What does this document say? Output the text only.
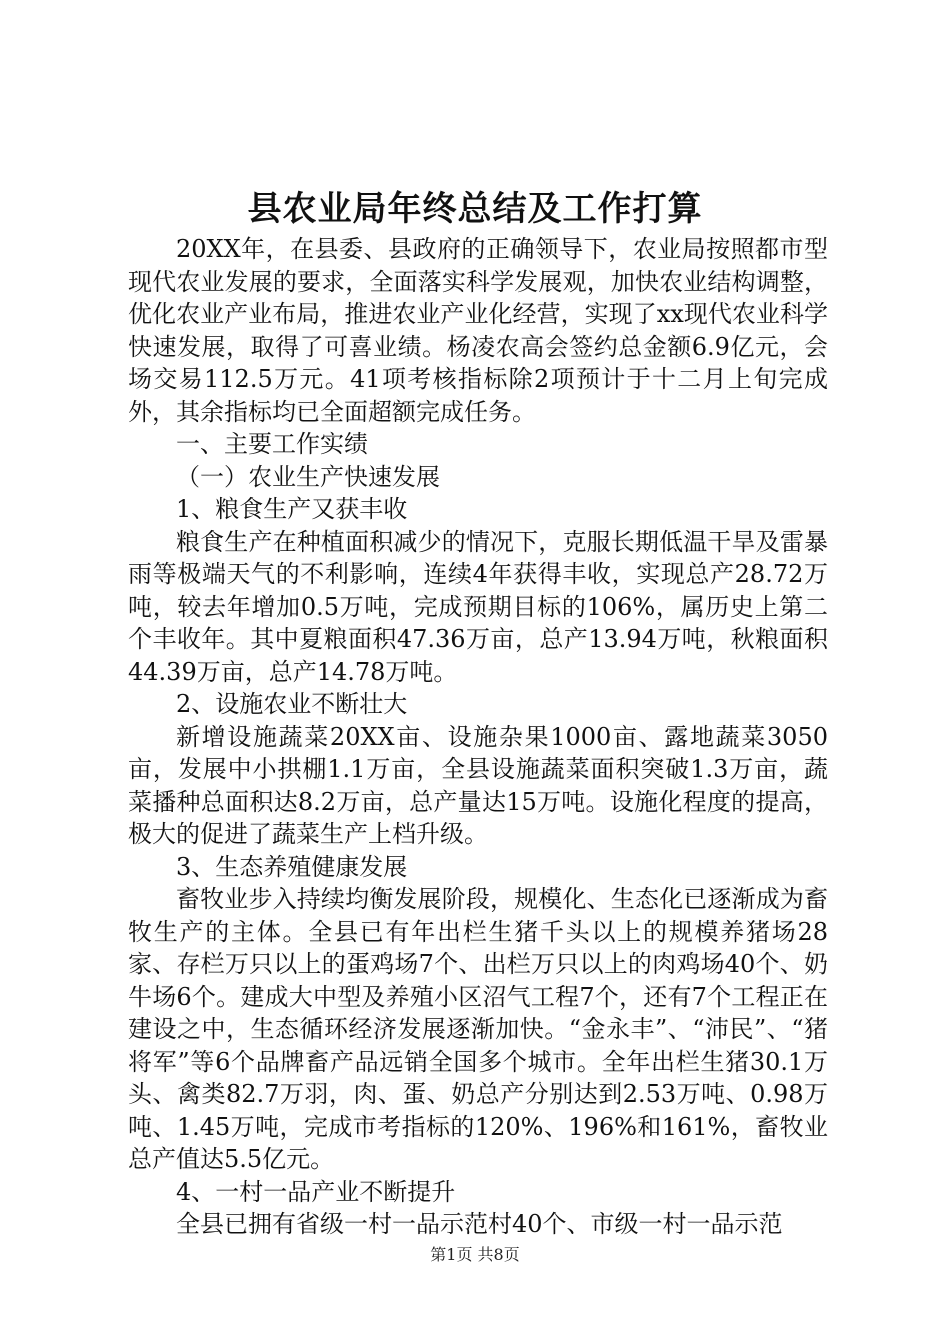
县农业局年终总结及工作打算

20XX年，在县委、县政府的正确领导下，农业局按照都市型现代农业发展的要求，全面落实科学发展观，加快农业结构调整，优化农业产业布局，推进农业产业化经营，实现了xx现代农业科学快速发展，取得了可喜业绩。杨凌农高会签约总金额6.9亿元，会场交易112.5万元。41项考核指标除2项预计于十二月上旬完成外，其余指标均已全面超额完成任务。

一、主要工作实绩

（一）农业生产快速发展

1、粮食生产又获丰收

粮食生产在种植面积减少的情况下，克服长期低温干旱及雷暴雨等极端天气的不利影响，连续4年获得丰收，实现总产28.72万吨，较去年增加0.5万吨，完成预期目标的106%，属历史上第二个丰收年。其中夏粮面积47.36万亩，总产13.94万吨，秋粮面积44.39万亩，总产14.78万吨。

2、设施农业不断壮大

新增设施蔬菜20XX亩、设施杂果1000亩、露地蔬菜3050亩，发展中小拱棚1.1万亩，全县设施蔬菜面积突破1.3万亩，蔬菜播种总面积达8.2万亩，总产量达15万吨。设施化程度的提高，极大的促进了蔬菜生产上档升级。

3、生态养殖健康发展

畜牧业步入持续均衡发展阶段，规模化、生态化已逐渐成为畜牧生产的主体。全县已有年出栏生猪千头以上的规模养猪场28家、存栏万只以上的蛋鸡场7个、出栏万只以上的肉鸡场40个、奶牛场6个。建成大中型及养殖小区沼气工程7个，还有7个工程正在建设之中，生态循环经济发展逐渐加快。“金永丰”、“沛民”、“猪将军”等6个品牌畜产品远销全国多个城市。全年出栏生猪30.1万头、禽类82.7万羽，肉、蛋、奶总产分别达到2.53万吨、0.98万吨、1.45万吨，完成市考指标的120%、196%和161%，畜牧业总产值达5.5亿元。

4、一村一品产业不断提升

全县已拥有省级一村一品示范村40个、市级一村一品示范

第1页 共8页
